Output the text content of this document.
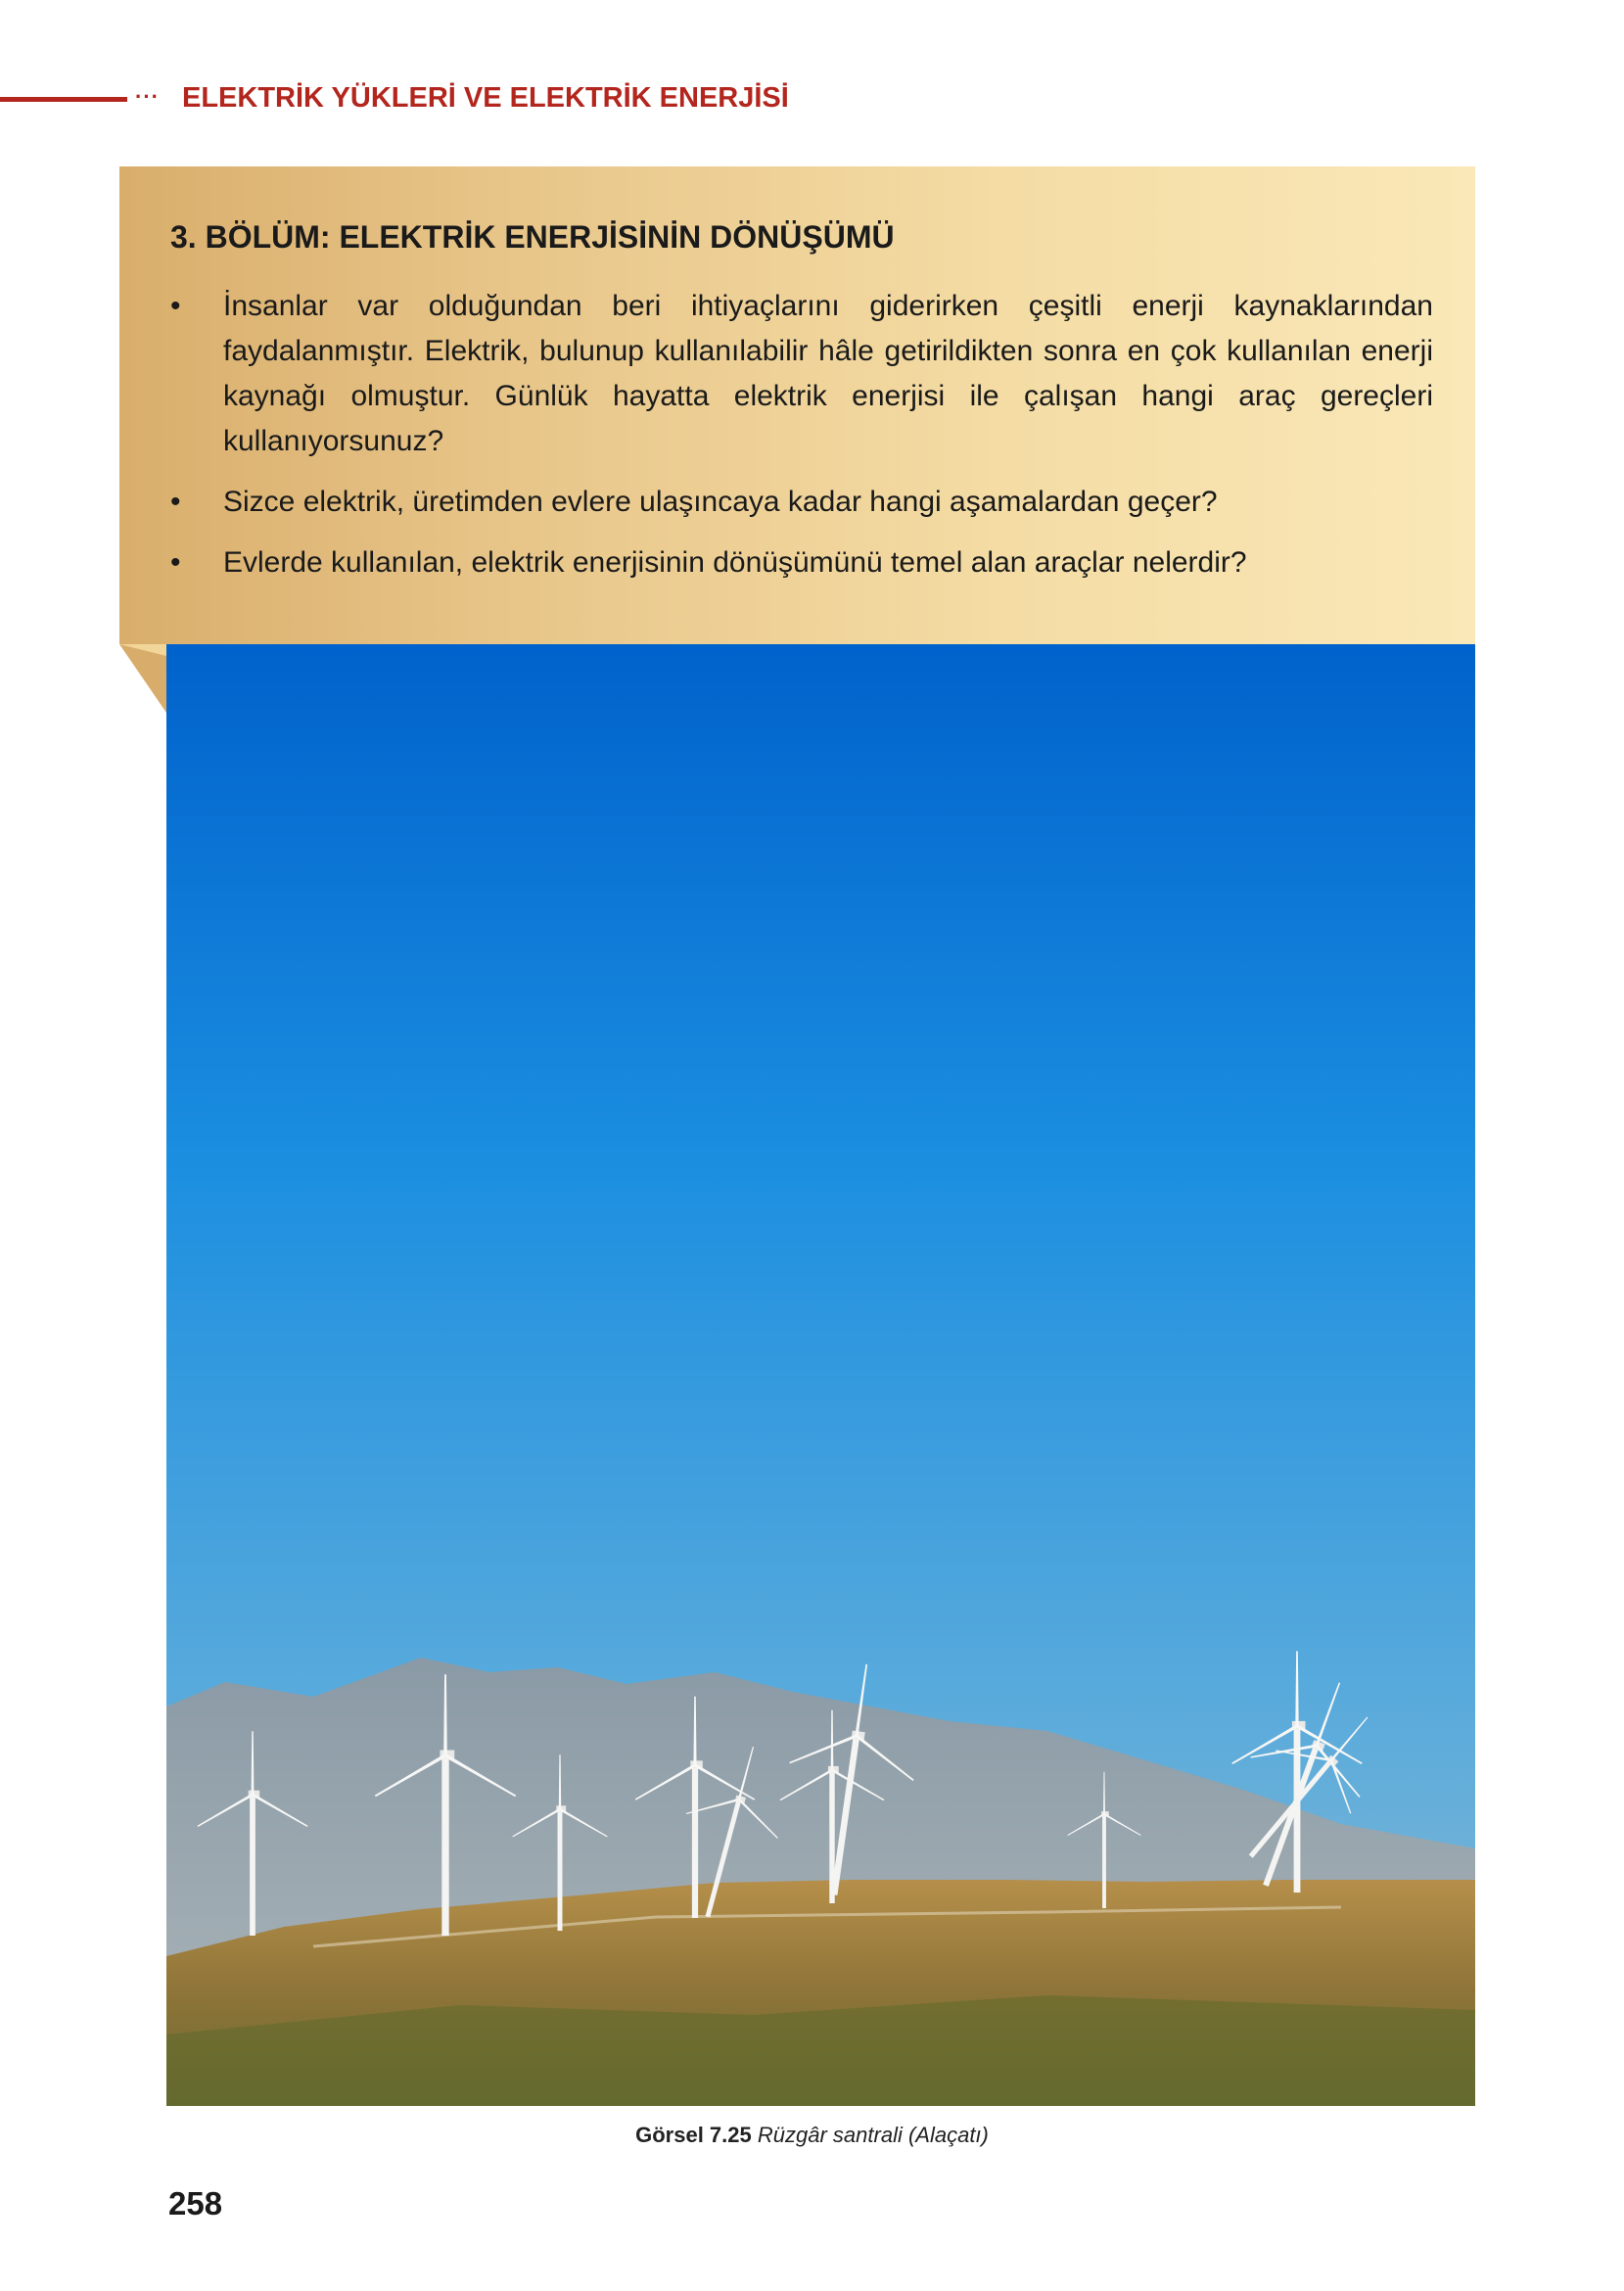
··· ELEKTRİK YÜKLERİ VE ELEKTRİK ENERJİSİ
3. BÖLÜM: ELEKTRİK ENERJİSİNİN DÖNÜŞÜMÜ
• İnsanlar var olduğundan beri ihtiyaçlarını giderirken çeşitli enerji kaynaklarından faydalanmıştır. Elektrik, bulunup kullanılabilir hâle getirildikten sonra en çok kullanılan enerji kaynağı olmuştur. Günlük hayatta elektrik enerjisi ile çalışan hangi araç gereçleri kullanıyorsunuz?
• Sizce elektrik, üretimden evlere ulaşıncaya kadar hangi aşamalardan geçer?
• Evlerde kullanılan, elektrik enerjisinin dönüşümünü temel alan araçlar nelerdir?
Görsel 7.25 Rüzgâr santrali (Alaçatı)
258
